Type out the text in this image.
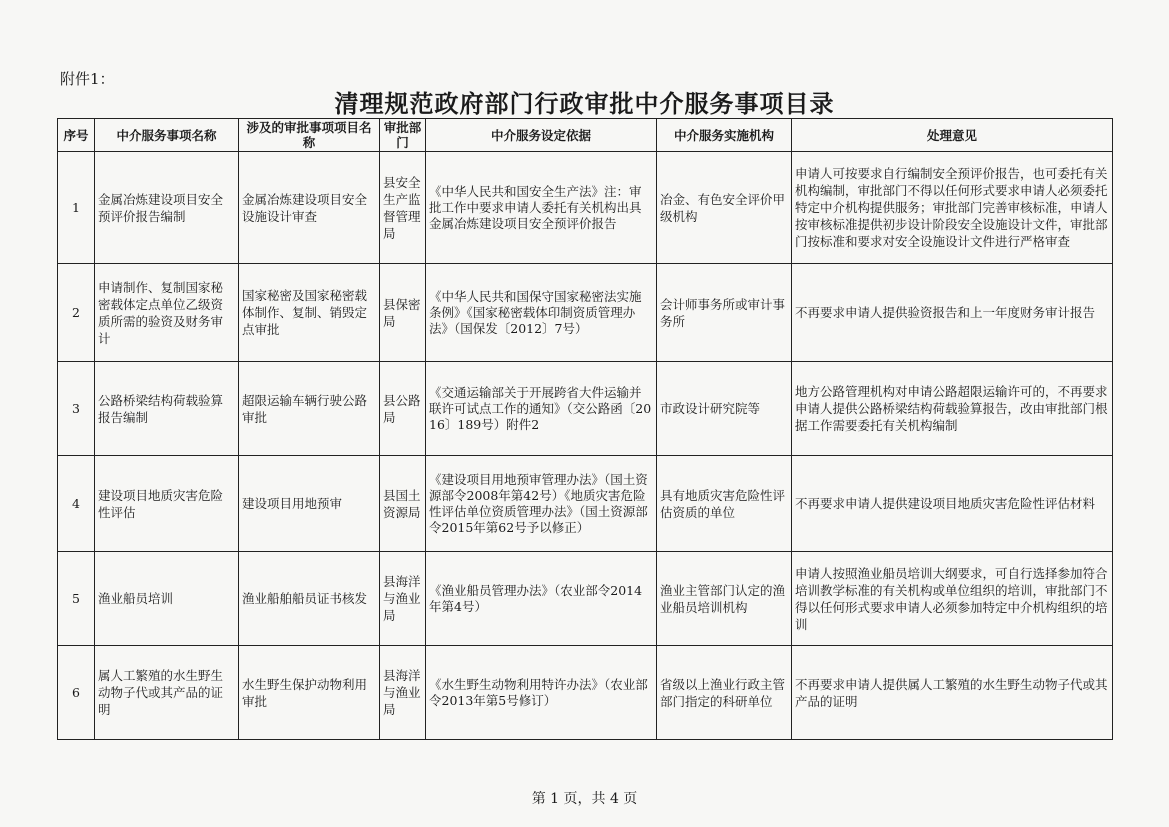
附件1：
清理规范政府部门行政审批中介服务事项目录
序号	中介服务事项名称	涉及的审批事项项目名称	审批部门	中介服务设定依据	中介服务实施机构	处理意见
1	金属冶炼建设项目安全预评价报告编制	金属冶炼建设项目安全设施设计审查	县安全生产监督管理局	《中华人民共和国安全生产法》注：审批工作中要求申请人委托有关机构出具金属冶炼建设项目安全预评价报告	冶金、有色安全评价甲级机构	申请人可按要求自行编制安全预评价报告，也可委托有关机构编制，审批部门不得以任何形式要求申请人必须委托特定中介机构提供服务；审批部门完善审核标准，申请人按审核标准提供初步设计阶段安全设施设计文件，审批部门按标准和要求对安全设施设计文件进行严格审查
2	申请制作、复制国家秘密载体定点单位乙级资质所需的验资及财务审计	国家秘密及国家秘密载体制作、复制、销毁定点审批	县保密局	《中华人民共和国保守国家秘密法实施条例》《国家秘密载体印制资质管理办法》（国保发〔2012〕7号）	会计师事务所或审计事务所	不再要求申请人提供验资报告和上一年度财务审计报告
3	公路桥梁结构荷载验算报告编制	超限运输车辆行驶公路审批	县公路局	《交通运输部关于开展跨省大件运输并联许可试点工作的通知》（交公路函〔2016〕189号）附件2	市政设计研究院等	地方公路管理机构对申请公路超限运输许可的，不再要求申请人提供公路桥梁结构荷载验算报告，改由审批部门根据工作需要委托有关机构编制
4	建设项目地质灾害危险性评估	建设项目用地预审	县国土资源局	《建设项目用地预审管理办法》（国土资源部令2008年第42号）《地质灾害危险性评估单位资质管理办法》（国土资源部令2015年第62号予以修正）	具有地质灾害危险性评估资质的单位	不再要求申请人提供建设项目地质灾害危险性评估材料
5	渔业船员培训	渔业船舶船员证书核发	县海洋与渔业局	《渔业船员管理办法》（农业部令2014年第4号）	渔业主管部门认定的渔业船员培训机构	申请人按照渔业船员培训大纲要求，可自行选择参加符合培训教学标准的有关机构或单位组织的培训，审批部门不得以任何形式要求申请人必须参加特定中介机构组织的培训
6	属人工繁殖的水生野生动物子代或其产品的证明	水生野生保护动物利用审批	县海洋与渔业局	《水生野生动物利用特许办法》（农业部令2013年第5号修订）	省级以上渔业行政主管部门指定的科研单位	不再要求申请人提供属人工繁殖的水生野生动物子代或其产品的证明
第 1 页，共 4 页
